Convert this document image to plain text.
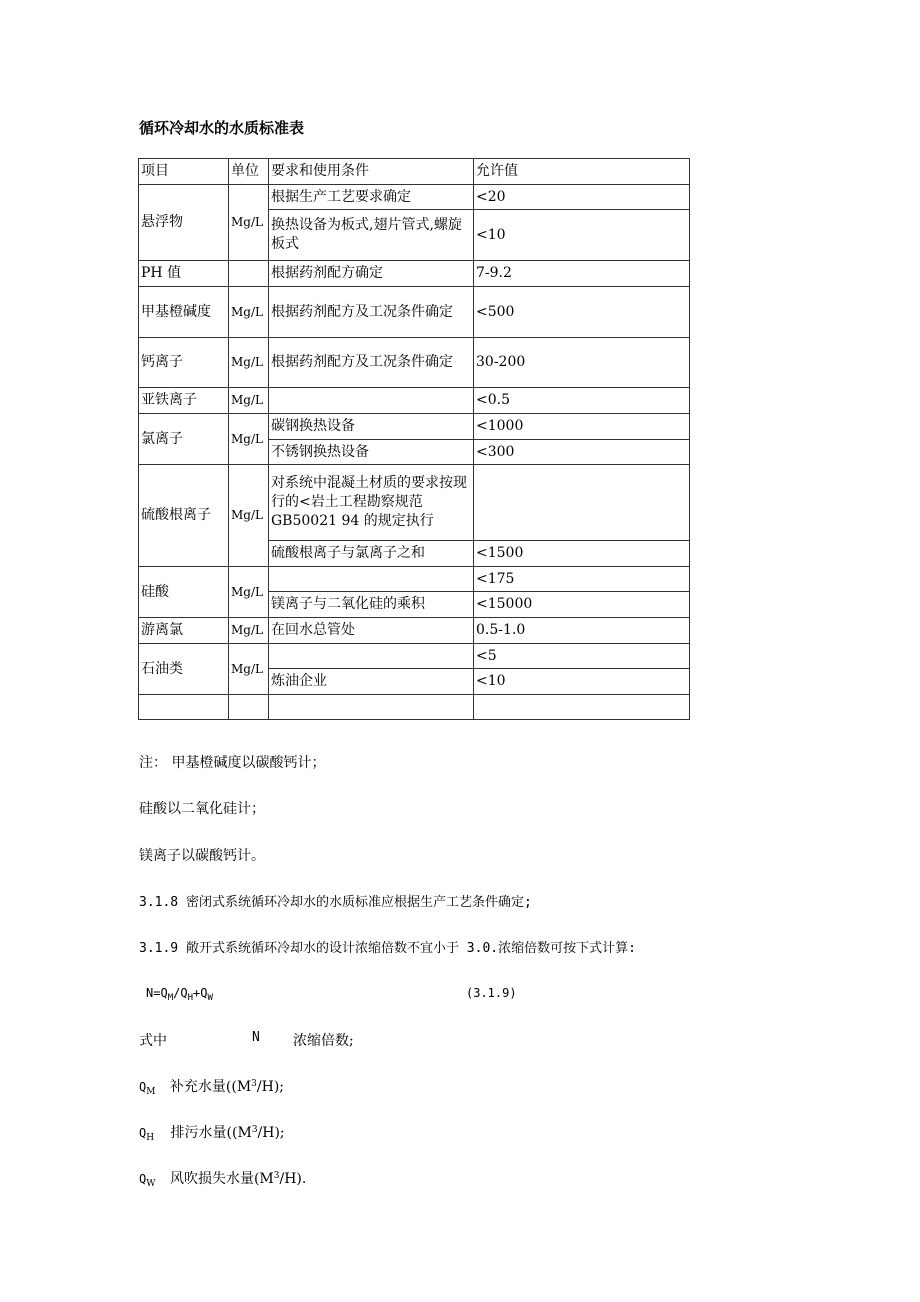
循环冷却水的水质标准表
项目	单位	要求和使用条件	允许值
悬浮物	Mg/L	根据生产工艺要求确定	<20
		换热设备为板式,翅片管式,螺旋板式	<10
PH 值		根据药剂配方确定	7-9.2
甲基橙碱度	Mg/L	根据药剂配方及工况条件确定	<500
钙离子	Mg/L	根据药剂配方及工况条件确定	30-200
亚铁离子	Mg/L		<0.5
氯离子	Mg/L	碳钢换热设备	<1000
		不锈钢换热设备	<300
硫酸根离子	Mg/L	对系统中混凝土材质的要求按现行的<岩土工程勘察规范GB50021 94 的规定执行	
		硫酸根离子与氯离子之和	<1500
硅酸	Mg/L		<175
		镁离子与二氧化硅的乘积	<15000
游离氯	Mg/L	在回水总管处	0.5-1.0
石油类	Mg/L		<5
		炼油企业	<10

注： 甲基橙碱度以碳酸钙计；
硅酸以二氧化硅计；
镁离子以碳酸钙计。
3.1.8 密闭式系统循环冷却水的水质标准应根据生产工艺条件确定;
3.1.9 敞开式系统循环冷却水的设计浓缩倍数不宜小于 3.0.浓缩倍数可按下式计算:
$N=Q_M/Q_H+Q_W$	(3.1.9)
式中	N 浓缩倍数;
$Q_M$ 补充水量($(M^3/H)$;
$Q_H$ 排污水量($(M^3/H)$;
$Q_W$ 风吹损失水量$(M^3/H)$.
